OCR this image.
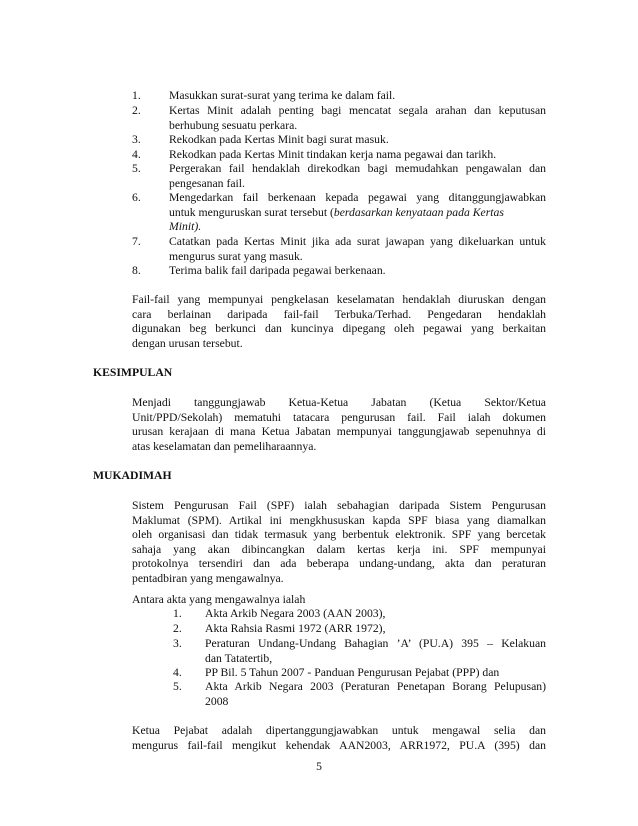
1.	Masukkan surat-surat yang terima ke dalam fail.
2.	Kertas Minit adalah penting bagi mencatat segala arahan dan keputusan
berhubung sesuatu perkara.
3.	Rekodkan pada Kertas Minit bagi surat masuk.
4.	Rekodkan pada Kertas Minit tindakan kerja nama pegawai dan tarikh.
5.	Pergerakan fail hendaklah direkodkan bagi memudahkan pengawalan dan
pengesanan fail.
6.	Mengedarkan fail berkenaan kepada pegawai yang ditanggungjawabkan
untuk menguruskan surat tersebut (berdasarkan kenyataan pada Kertas
Minit).
7.	Catatkan pada Kertas Minit jika ada surat jawapan yang dikeluarkan untuk
mengurus surat yang masuk.
8.	Terima balik fail daripada pegawai berkenaan.
Fail-fail yang mempunyai pengkelasan keselamatan hendaklah diuruskan dengan
cara berlainan daripada fail-fail Terbuka/Terhad. Pengedaran hendaklah
digunakan beg berkunci dan kuncinya dipegang oleh pegawai yang berkaitan
dengan urusan tersebut.
KESIMPULAN
Menjadi tanggungjawab Ketua-Ketua Jabatan (Ketua Sektor/Ketua
Unit/PPD/Sekolah) mematuhi tatacara pengurusan fail. Fail ialah dokumen
urusan kerajaan di mana Ketua Jabatan mempunyai tanggungjawab sepenuhnya di
atas keselamatan dan pemeliharaannya.
MUKADIMAH
Sistem Pengurusan Fail (SPF) ialah sebahagian daripada Sistem Pengurusan
Maklumat (SPM). Artikal ini mengkhususkan kapda SPF biasa yang diamalkan
oleh organisasi dan tidak termasuk yang berbentuk elektronik. SPF yang bercetak
sahaja yang akan dibincangkan dalam kertas kerja ini. SPF mempunyai
protokolnya tersendiri dan ada beberapa undang-undang, akta dan peraturan
pentadbiran yang mengawalnya.
Antara akta yang mengawalnya ialah
1.	Akta Arkib Negara 2003 (AAN 2003),
2.	Akta Rahsia Rasmi 1972 (ARR 1972),
3.	Peraturan Undang-Undang Bahagian ’A’ (PU.A) 395 – Kelakuan
dan Tatatertib,
4.	PP Bil. 5 Tahun 2007 - Panduan Pengurusan Pejabat (PPP) dan
5.	Akta Arkib Negara 2003 (Peraturan Penetapan Borang Pelupusan)
2008
Ketua Pejabat adalah dipertanggungjawabkan untuk mengawal selia dan
mengurus fail-fail mengikut kehendak AAN2003, ARR1972, PU.A (395) dan
5
